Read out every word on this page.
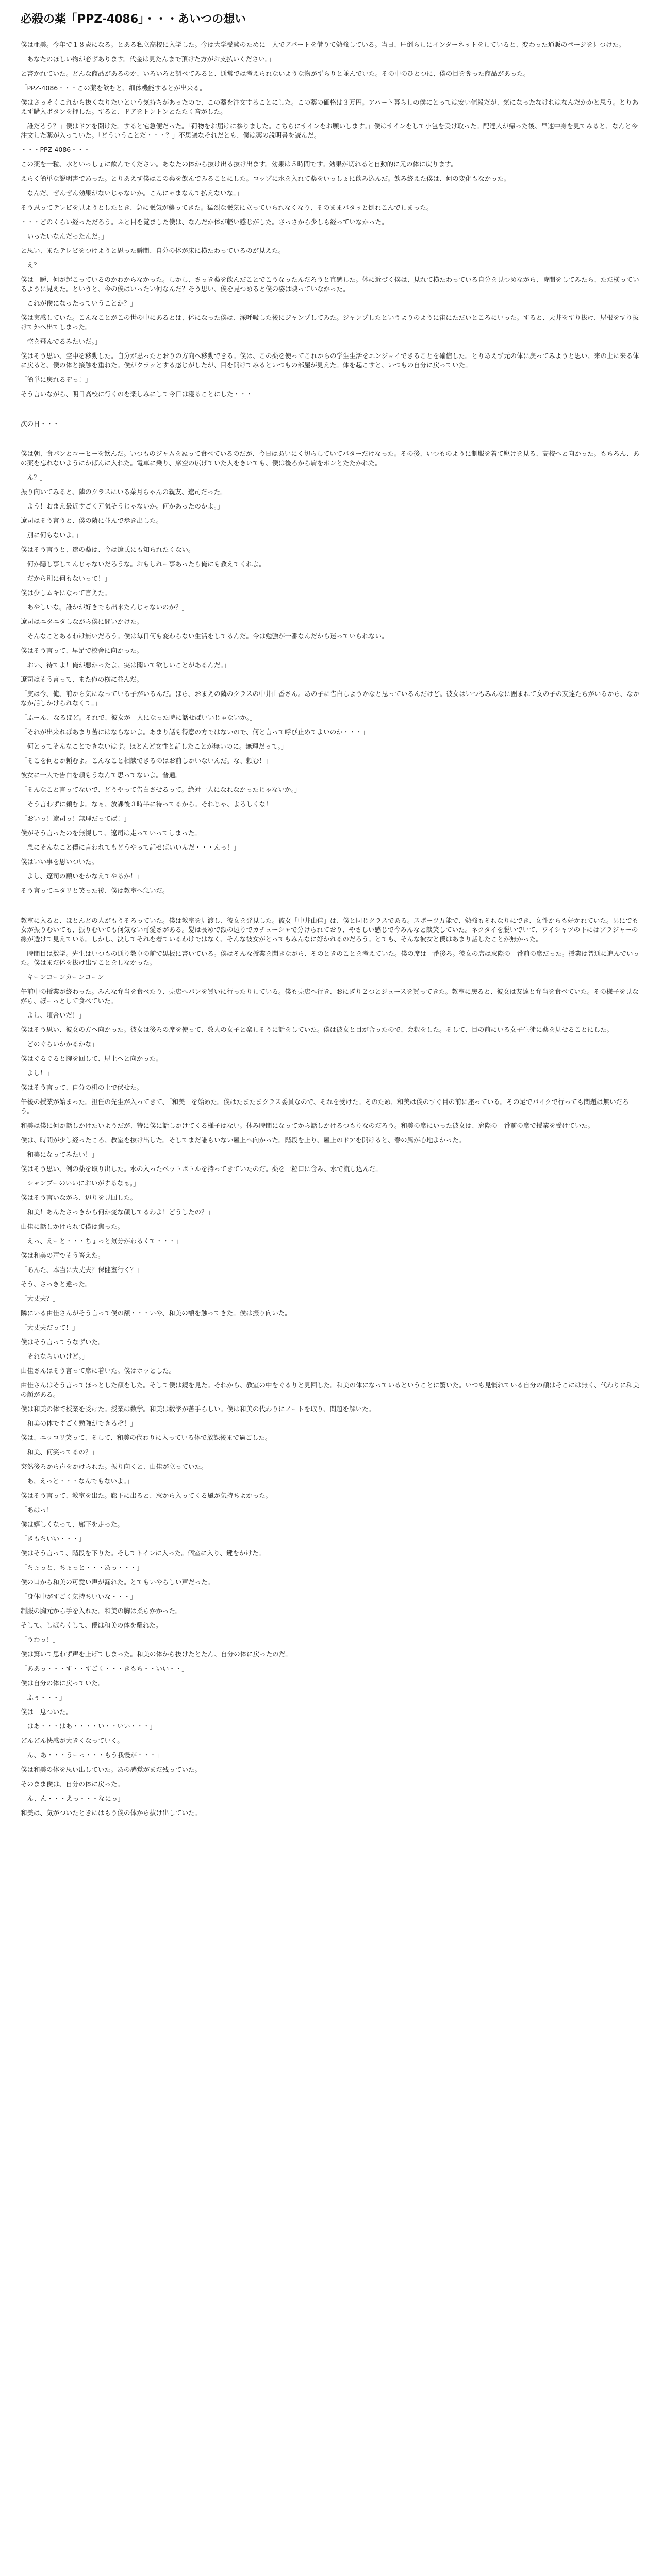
必殺の薬「PPZ-4086」・・・あいつの想い

僕は亜美。今年で１８歳になる。とある私立高校に入学した。今は大学受験のために一人でアパートを借りて勉強している。当日、圧倒らしにインターネットをしていると、変わった通販のページを見つけた。

「あなたのほしい物が必ずあります。代金は見たんまで頂けた方がお支払いください。」

と書かれていた。どんな商品があるのか、いろいろと調べてみると、通常では考えられないような物がずらりと並んでいた。その中のひとつに、僕の目を奪った商品があった。

「PPZ-4086・・・この薬を飲むと、細体機能するとが出来る。」

僕はさっそくこれから抜くなりたいという気持ちがあったので、この薬を注文することにした。この薬の価格は３万円。アパート暮らしの僕にとっては安い値段だが、気になったなけれはなんだかかと思う。とりあえず購入ボタンを押した。すると、ドアをトントンとたたく音がした。

「誰だろう？」僕はドアを開けた。すると宅急便だった。「荷物をお届けに参りました。こちらにサインをお願いします。」僕はサインをして小包を受け取った。配達人が帰った後、早速中身を見てみると、なんと今注文した薬が入っていた。「どういうことだ・・・？」不思議なそれだとも、僕は薬の説明書を読んだ。

・・・PPZ-4086・・・

この薬を一粒、水といっしょに飲んでください。あなたの体から抜け出る抜け出ます。効果は５時間です。効果が切れると自動的に元の体に戻ります。

えらく簡単な説明書であった。とりあえず僕はこの薬を飲んでみることにした。コップに水を入れて薬をいっしょに飲み込んだ。飲み終えた僕は、何の変化もなかった。

「なんだ、ぜんぜん効果がないじゃないか。こんにゃまなんて払えないな。」

そう思ってテレビを見ようとしたとき、急に眠気が襲ってきた。猛烈な眠気に立っていられなくなり、そのままバタッと倒れこんでしまった。

・・・どのくらい経っただろう。ふと目を覚ました僕は、なんだか体が軽い感じがした。さっさから少しも経っていなかった。

「いったいなんだったんだ。」

と思い、またテレビをつけようと思った瞬間、自分の体が床に横たわっているのが見えた。

「え？」

僕は一瞬、何が起こっているのかわからなかった。しかし、さっき薬を飲んだことでこうなったんだろうと直感した。体に近づく僕は、見れて横たわっている自分を見つめながら、時間をしてみたら、ただ横っているように見えた。というと、今の僕はいったい何なんだ？そう思い、僕を見つめると僕の姿は映っていなかった。

「これが僕になったっていうことか？」

僕は実感していた。こんなことがこの世の中にあるとは、体になった僕は、深呼吸した後にジャンプしてみた。ジャンプしたというよりのように宙にただいところにいった。すると、天井をすり抜け、屋根をすり抜けて外へ出てしまった。

「空を飛んでるみたいだ。」

僕はそう思い、空中を移動した。自分が思ったとおりの方向へ移動できる。僕は、この薬を使ってこれからの学生生活をエンジョイできることを確信した。とりあえず元の体に戻ってみようと思い、来の上に来る体に戻ると、僕の体と接触を重ねた。僕がクラッとする感じがしたが、目を開けてみるといつもの部屋が見えた。体を起こすと、いつもの自分に戻っていた。

「簡単に戻れるぞっ！」

そう言いながら、明日高校に行くのを楽しみにして今日は寝ることにした・・・

次の日・・・

僕は朝、食パンとコーヒーを飲んだ。いつものジャムをぬって食べているのだが、今日はあいにく切らしていてバターだけなった。その後、いつものように制服を着て駆けを見る、高校へと向かった。もちろん、あの薬を忘れないようにかばんに入れた。電車に乗り、席空の広げていた人をきいても、僕は後ろから肩をポンとたたかれた。

「ん？」

振り向いてみると、隣のクラスにいる菜月ちゃんの親友、遼司だった。

「よう！おまえ最近すごく元気そうじゃないか。何かあったのかよ。」

遼司はそう言うと、僕の隣に並んで歩き出した。

「別に何もないよ。」

僕はそう言うと、遼の薬は、今は遼氏にも知られたくない。

「何か隠し事してんじゃないだろうな。おもしれー事あったら俺にも教えてくれよ。」

「だから別に何もないって！」

僕は少しムキになって言えた。

「あやしいな。誰かが好きでも出来たんじゃないのか？」

遼司はニタニタしながら僕に問いかけた。

「そんなことあるわけ無いだろう。僕は毎日何も変わらない生活をしてるんだ。今は勉強が一番なんだから迷っていられない。」

僕はそう言って、早足で校舎に向かった。

「おい、待てよ！俺が悪かったよ、実は聞いて欲しいことがあるんだ。」

遼司はそう言って、また俺の横に並んだ。

「実は今、俺、前から気になっている子がいるんだ。ほら、おまえの隣のクラスの中井由香さん。あの子に告白しようかなと思っているんだけど。彼女はいつもみんなに囲まれて女の子の友達たちがいるから、なかなか話しかけられなくて。」

「ふーん、なるほど。それで、彼女が一人になった時に話せばいいじゃないか。」

「それが出来ればあまり苦にはならないよ。あまり話も得意の方ではないので、何と言って呼び止めてよいのか・・・」

「何とってそんなことできないはず。ほとんど女性と話したことが無いのに。無理だって。」

「そこを何とか頼むよ。こんなこと相談できるのはお前しかいないんだ。な、頼む！」

彼女に一人で告白を頼もうなんて思ってないよ。普通。

「そんなこと言ってないで、どうやって告白させるって。絶対一人になれなかったじゃないか。」

「そう言わずに頼むよ。なぁ、放課後３時半に待ってるから。それじゃ、よろしくな！」

「おいっ！遼司っ！無理だってば！」

僕がそう言ったのを無視して、遼司は走っていってしまった。

「急にそんなこと僕に言われてもどうやって話せばいいんだ・・・んっ！」

僕はいい事を思いついた。

「よし、遼司の願いをかなえてやるか！」

そう言ってニタリと笑った後、僕は教室へ急いだ。

教室に入ると、ほとんどの人がもうそろっていた。僕は教室を見渡し、彼女を発見した。彼女「中井由佳」は、僕と同じクラスである。スポーツ万能で、勉強もそれなりにでき、女性からも好かれていた。男にでも女が振りむいても、振りむいても何気ない可愛さがある。髪は長めで額の辺りでカチューシャで分けられており、やさしい感じで今みんなと談笑していた。ネクタイを脱いでいて、ワイシャツの下にはブラジャーの線が透けて見えている。しかし、決してそれを着ているわけではなく、そんな彼女がとってもみんなに好かれるのだろう。とても、そんな彼女と僕はあまり話したことが無かった。

一時間目は数学。先生はいつもの通り教卓の前で黒板に書いている。僕はそんな授業を聞きながら、そのときのことを考えていた。僕の席は一番後ろ。彼女の席は窓際の一番前の席だった。授業は普通に進んでいった。僕はまだ体を抜け出すことをしなかった。

「キーンコーンカーンコーン」

午前中の授業が終わった。みんな弁当を食べたり、売店へパンを買いに行ったりしている。僕も売店へ行き、おにぎり２つとジュースを買ってきた。教室に戻ると、彼女は友達と弁当を食べていた。その様子を見ながら、ぼーっとして食べていた。

「よし、頃合いだ！」

僕はそう思い、彼女の方へ向かった。彼女は後ろの席を使って、数人の女子と楽しそうに話をしていた。僕は彼女と目が合ったので、会釈をした。そして、目の前にいる女子生徒に薬を見せることにした。

「どのぐらいかかるかな」

僕はぐるぐると腕を回して、屋上へと向かった。

「よし！」

僕はそう言って、自分の机の上で伏せた。

午後の授業が始まった。担任の先生が入ってきて、「和美」を始めた。僕はたまたまクラス委員なので、それを受けた。そのため、和美は僕のすぐ目の前に座っている。その足でバイクで行っても問題は無いだろう。

和美は僕に何か話しかけたいようだが、特に僕に話しかけてくる様子はない。休み時間になってから話しかけるつもりなのだろう。和美の席にいった彼女は、窓際の一番前の席で授業を受けていた。

僕は、時間が少し経ったころ、教室を抜け出した。そしてまだ誰もいない屋上へ向かった。階段を上り、屋上のドアを開けると、春の風が心地よかった。

「和美になってみたい！」

僕はそう思い、例の薬を取り出した。水の入ったペットボトルを持ってきていたのだ。薬を一粒口に含み、水で流し込んだ。

「シャンプーのいいにおいがするなぁ。」

僕はそう言いながら、辺りを見回した。

「和美！あんたさっきから何か変な顔してるわよ！どうしたの？」

由佳に話しかけられて僕は焦った。

「えっ、えーと・・・ちょっと気分がわるくて・・・」

僕は和美の声でそう答えた。

「あんた、本当に大丈夫？保健室行く？」

そう、さっきと違った。

「大丈夫？」

隣にいる由佳さんがそう言って僕の額・・・いや、和美の額を触ってきた。僕は振り向いた。

「大丈夫だって！」

僕はそう言ってうなずいた。

「それならいいけど。」

由佳さんはそう言って席に着いた。僕はホッとした。

由佳さんはそう言ってほっとした顔をした。そして僕は鏡を見た。それから、教室の中をぐるりと見回した。和美の体になっているということに驚いた。いつも見慣れている自分の顔はそこには無く、代わりに和美の顔がある。

僕は和美の体で授業を受けた。授業は数学。和美は数学が苦手らしい。僕は和美の代わりにノートを取り、問題を解いた。

「和美の体ですごく勉強ができるぞ！」

僕は、ニッコリ笑って、そして、和美の代わりに入っている体で放課後まで過ごした。

「和美、何笑ってるの？」

突然後ろから声をかけられた。振り向くと、由佳が立っていた。

「あ、えっと・・・なんでもないよ。」

僕はそう言って、教室を出た。廊下に出ると、窓から入ってくる風が気持ちよかった。

「あはっ！」

僕は嬉しくなって、廊下を走った。

「きもちいい・・・」

僕はそう言って、階段を下りた。そしてトイレに入った。個室に入り、鍵をかけた。

「ちょっと、ちょっと・・・あっ・・・」

僕の口から和美の可愛い声が漏れた。とてもいやらしい声だった。

「身体中がすごく気持ちいいな・・・」

制服の胸元から手を入れた。和美の胸は柔らかかった。

そして、しばらくして、僕は和美の体を離れた。

「うわっ！」

僕は驚いて思わず声を上げてしまった。和美の体から抜けたとたん、自分の体に戻ったのだ。

「ああっ・・・す・・すごく・・・きもち・・いい・・」

僕は自分の体に戻っていた。

「ふぅ・・・」

僕は一息ついた。

「はあ・・・はあ・・・・い・・いい・・・」

どんどん快感が大きくなっていく。

「ん、あ・・・うーっ・・・もう我慢が・・・」

僕は和美の体を思い出していた。あの感覚がまだ残っていた。

そのまま僕は、自分の体に戻った。

「ん、ん・・・えっ・・・なにっ」

和美は、気がついたときにはもう僕の体から抜け出していた。
